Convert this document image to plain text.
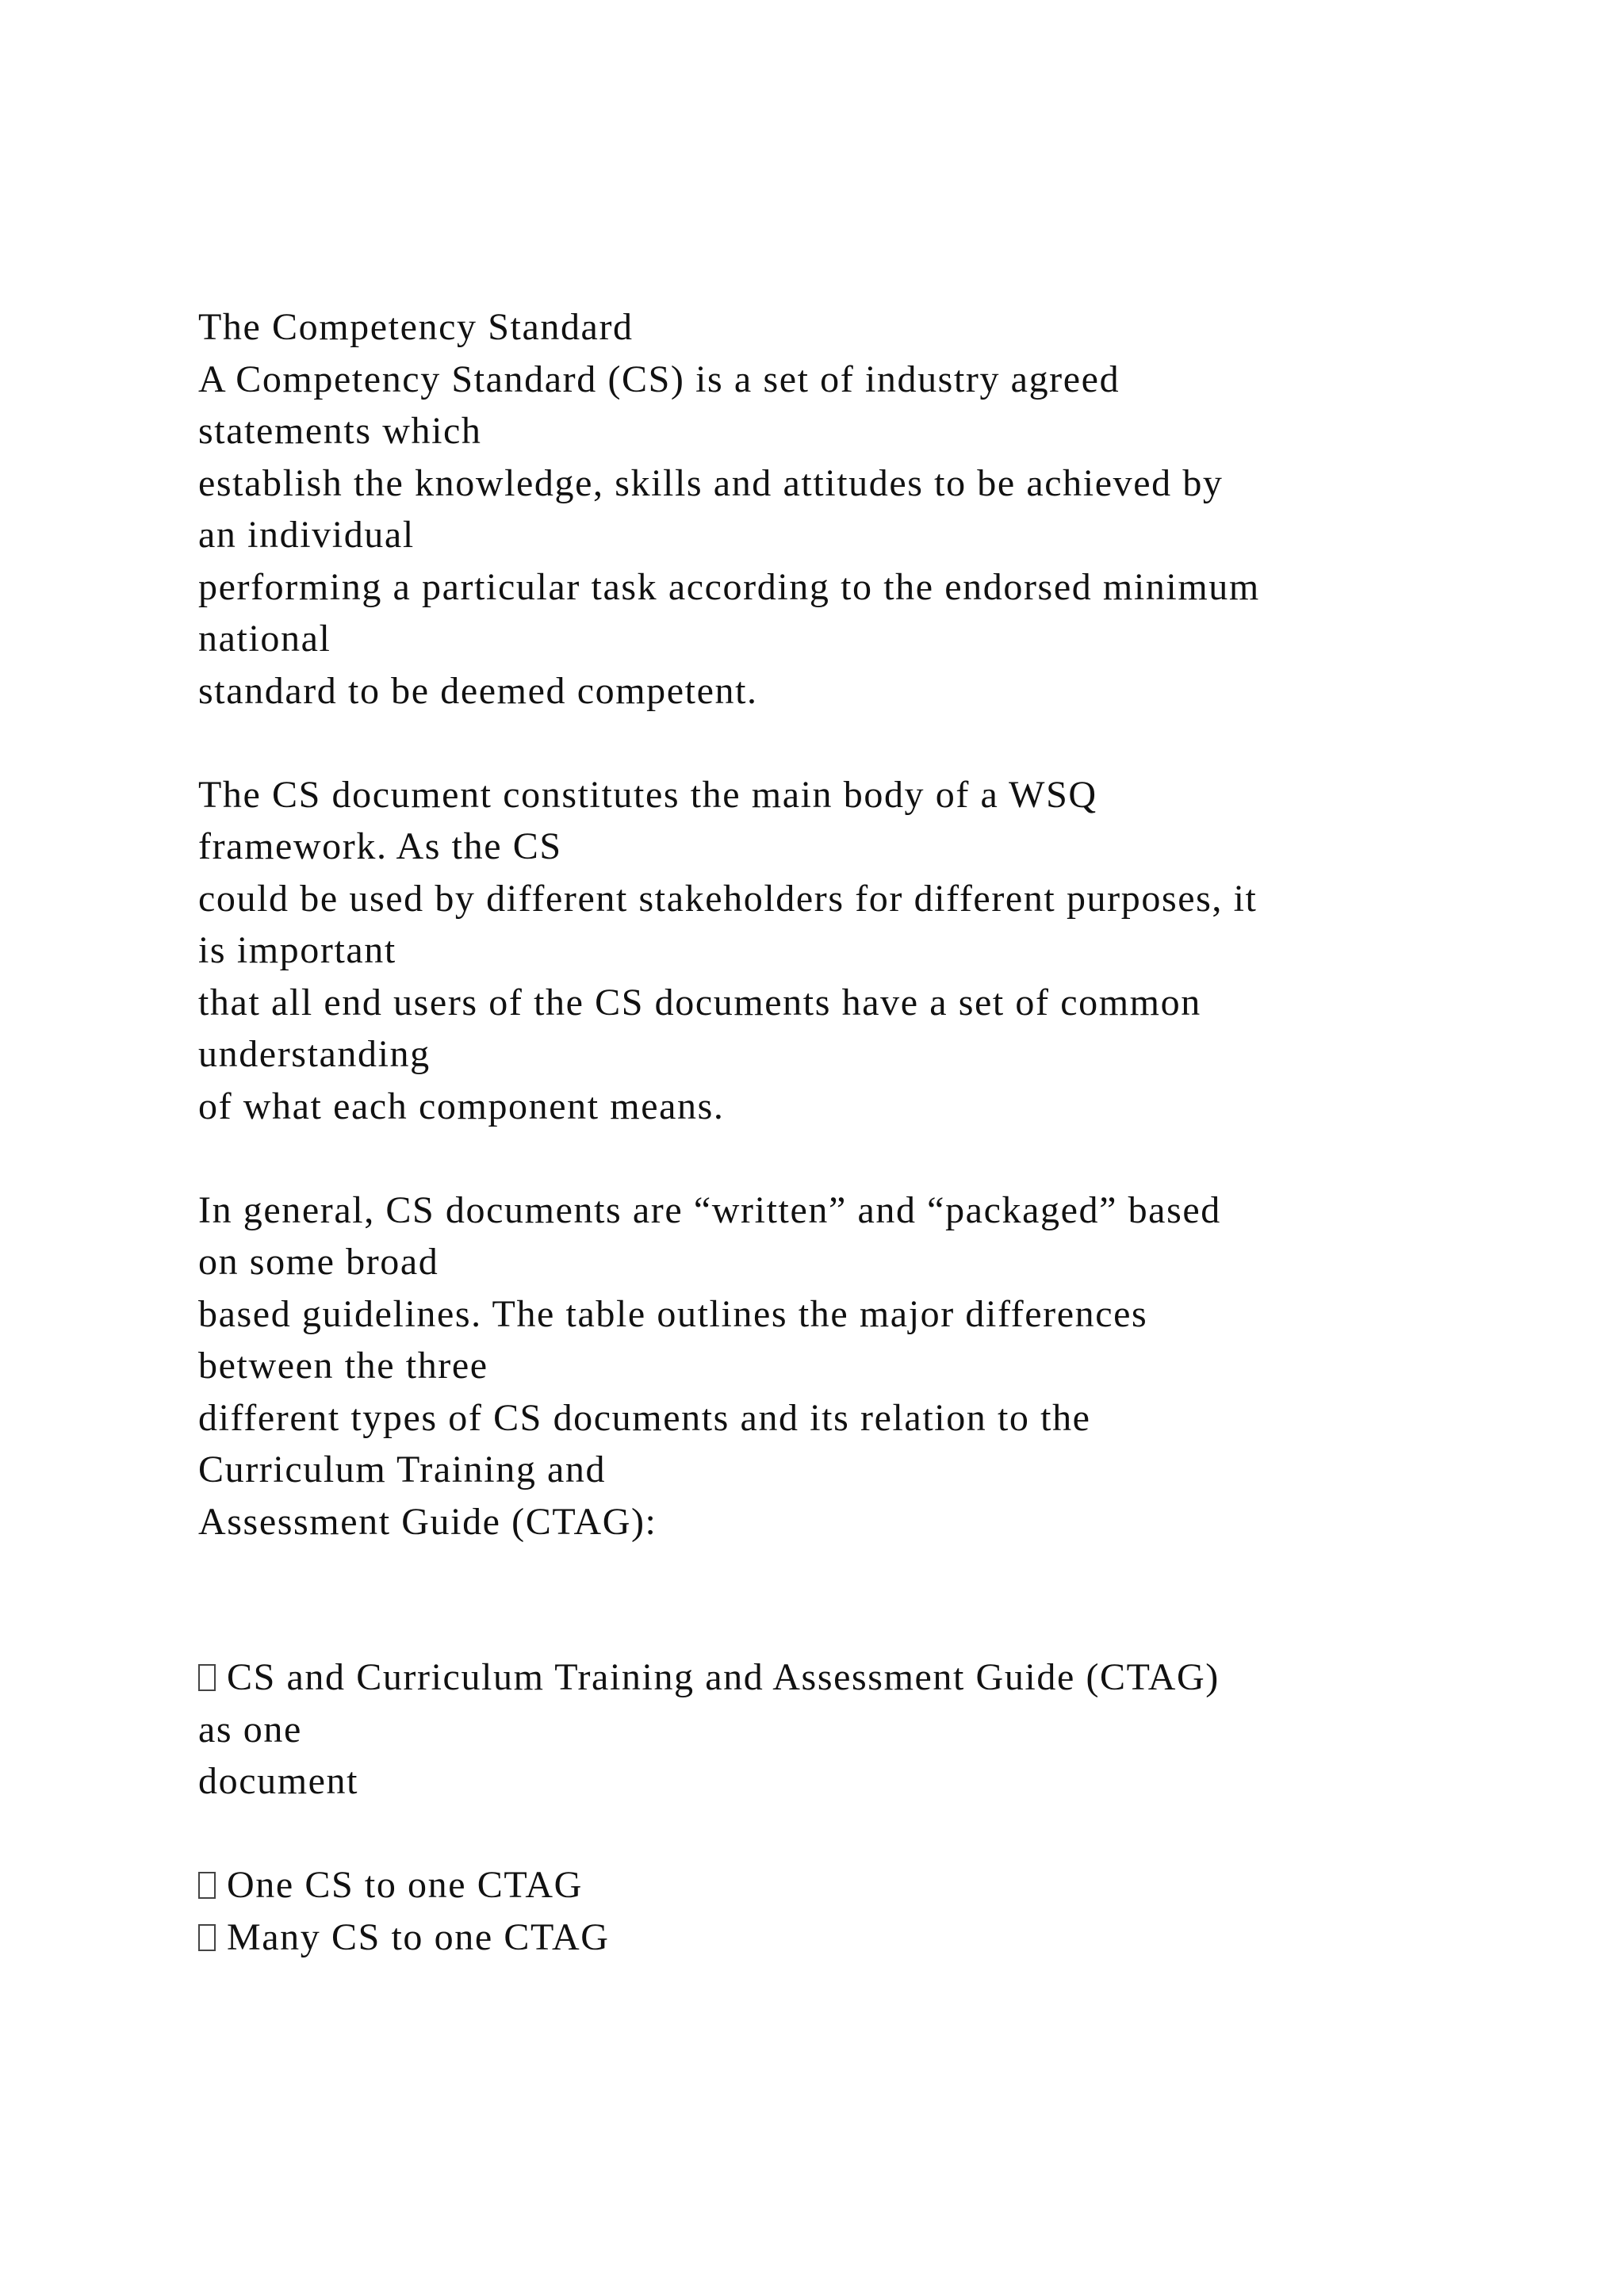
The Competency Standard
A Competency Standard (CS) is a set of industry agreed
statements which
establish the knowledge, skills and attitudes to be achieved by
an individual
performing a particular task according to the endorsed minimum
national
standard to be deemed competent.
The CS document constitutes the main body of a WSQ
framework. As the CS
could be used by different stakeholders for different purposes, it
is important
that all end users of the CS documents have a set of common
understanding
of what each component means.
In general, CS documents are “written” and “packaged” based
on some broad
based guidelines. The table outlines the major differences
between the three
different types of CS documents and its relation to the
Curriculum Training and
Assessment Guide (CTAG):
CS and Curriculum Training and Assessment Guide (CTAG)
as one
document
One CS to one CTAG
Many CS to one CTAG
